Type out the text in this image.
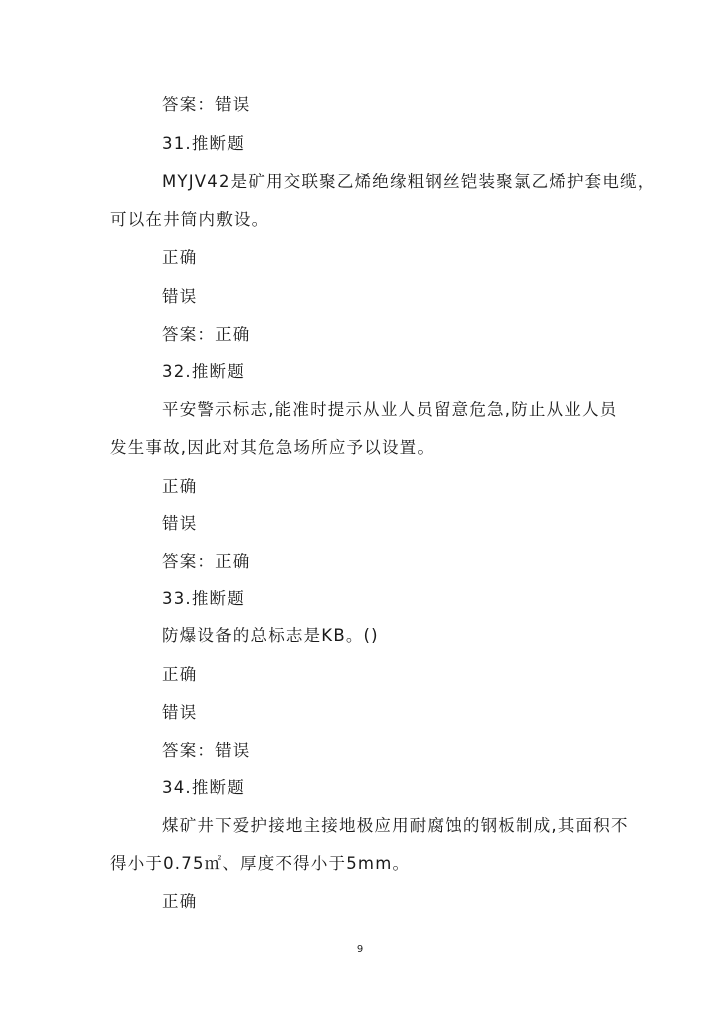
答案：错误
31.推断题
MYJV42是矿用交联聚乙烯绝缘粗钢丝铠装聚氯乙烯护套电缆，
可以在井筒内敷设。
正确
错误
答案：正确
32.推断题
平安警示标志,能准时提示从业人员留意危急,防止从业人员
发生事故,因此对其危急场所应予以设置。
正确
错误
答案：正确
33.推断题
防爆设备的总标志是KB。()
正确
错误
答案：错误
34.推断题
煤矿井下爱护接地主接地极应用耐腐蚀的钢板制成,其面积不
得小于0.75㎡、厚度不得小于5mm。
正确
9
